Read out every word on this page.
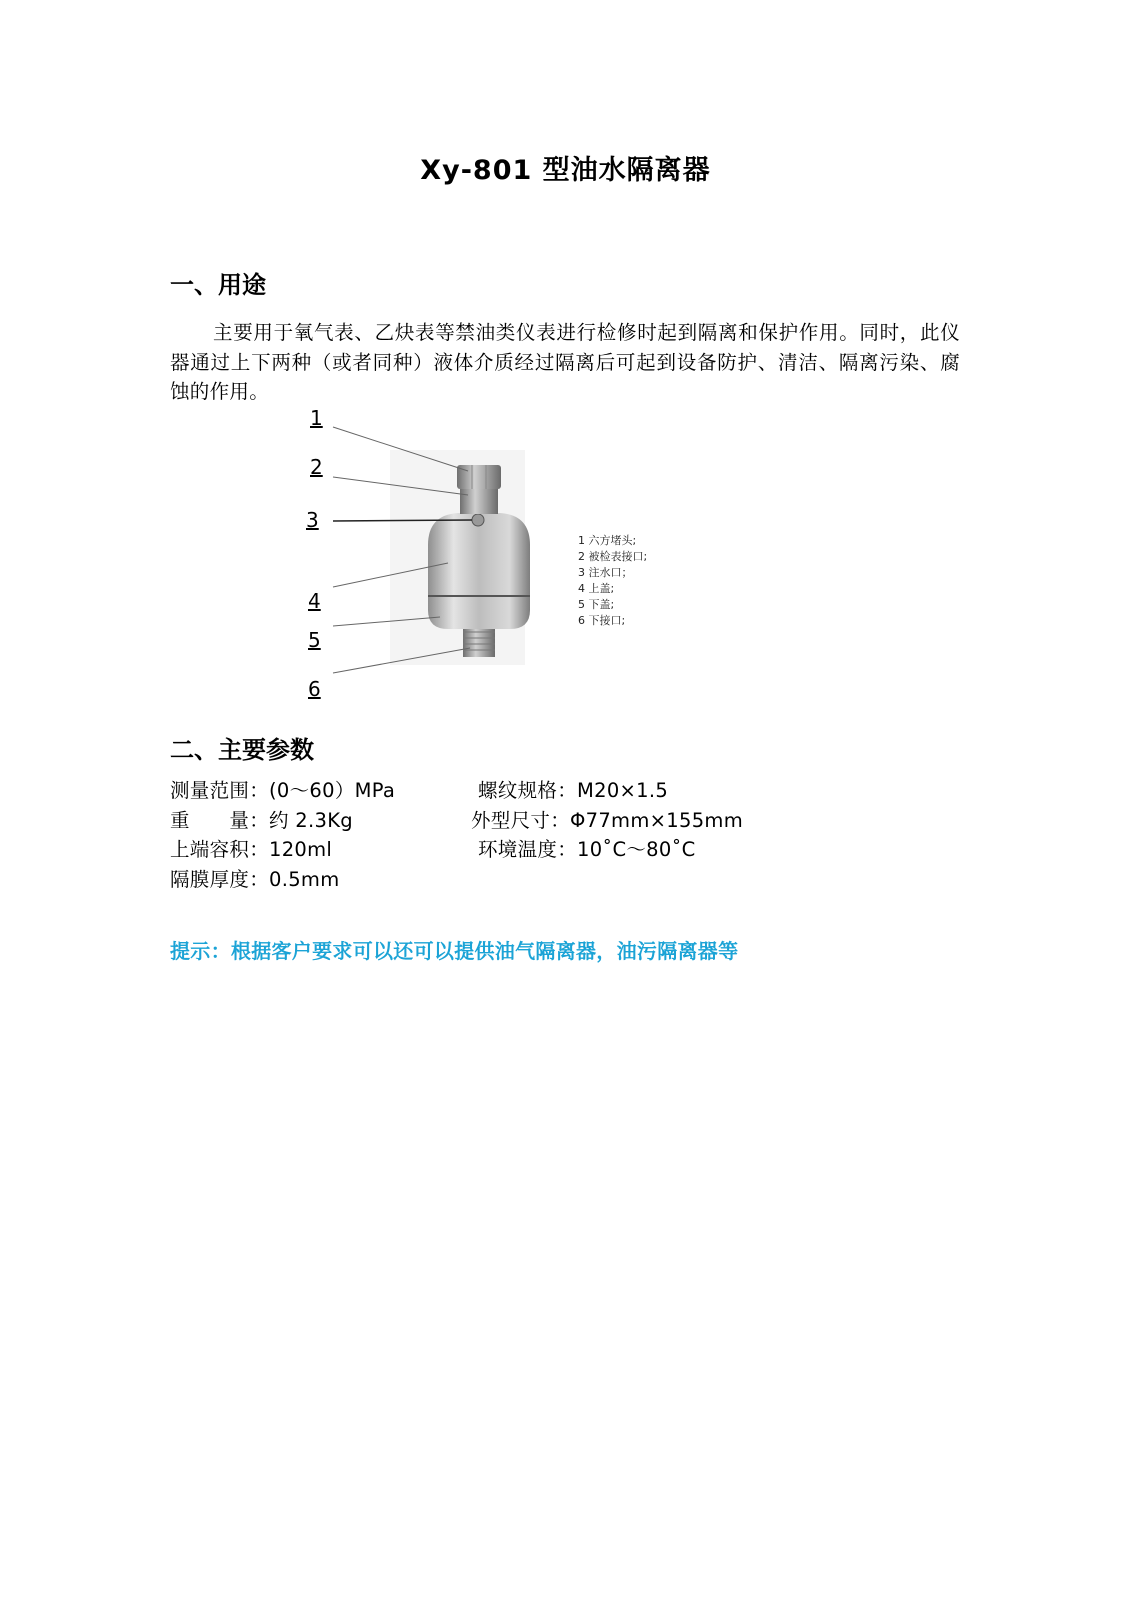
Xy-801 型油水隔离器
一、用途
主要用于氧气表、乙炔表等禁油类仪表进行检修时起到隔离和保护作用。同时，此仪器通过上下两种（或者同种）液体介质经过隔离后可起到设备防护、清洁、隔离污染、腐蚀的作用。
1
2
3
4
5
6
1 六方堵头;
2 被检表接口;
3 注水口；
4 上盖;
5 下盖;
6 下接口;
二、主要参数
测量范围：(0～60）MPa	螺纹规格：M20×1.5
重　　量：约 2.3Kg	外型尺寸：Φ77mm×155mm
上端容积：120ml	环境温度：10˚C～80˚C
隔膜厚度：0.5mm
提示：根据客户要求可以还可以提供油气隔离器，油污隔离器等
